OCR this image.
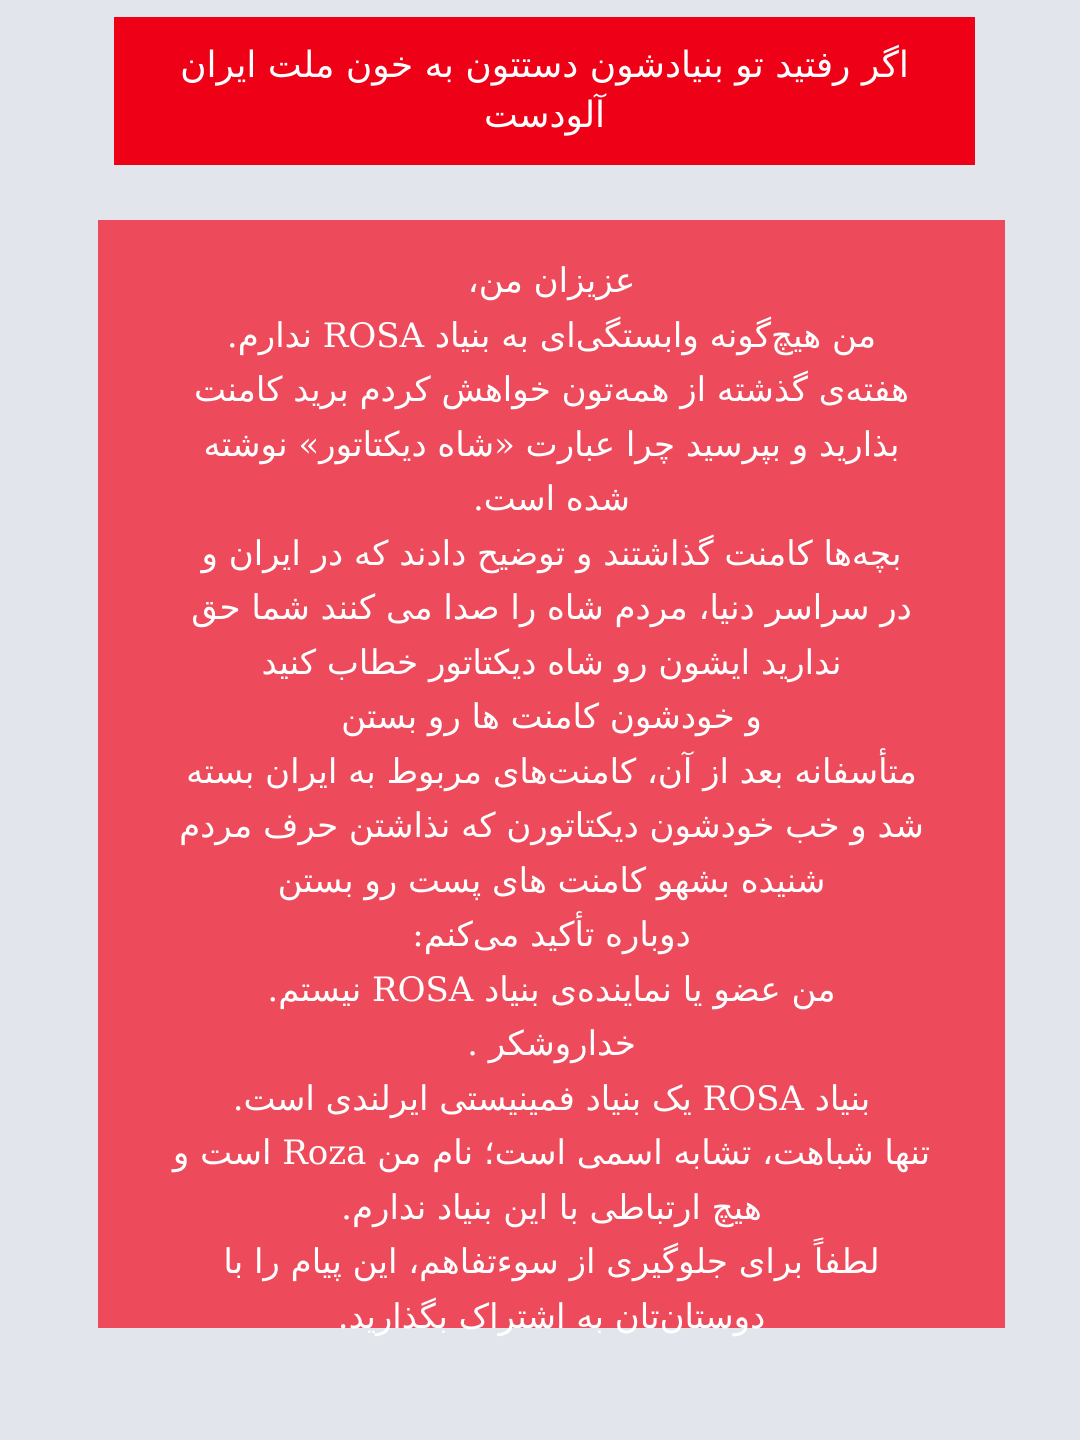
اگر رفتید تو بنیادشون دستتون به خون ملت ایران
آلودست
عزیزان من،
من هیچ‌گونه وابستگی‌ای به بنیاد ROSA ندارم.
هفته‌ی گذشته از همه‌تون خواهش کردم برید کامنت
بذارید و بپرسید چرا عبارت «شاه دیکتاتور» نوشته
شده است.
بچه‌ها کامنت گذاشتند و توضیح دادند که در ایران و
در سراسر دنیا، مردم شاه را صدا می کنند شما حق
ندارید ایشون رو شاه دیکتاتور خطاب کنید
و خودشون کامنت ها رو بستن
متأسفانه بعد از آن، کامنت‌های مربوط به ایران بسته
شد و خب خودشون دیکتاتورن که نذاشتن حرف مردم
شنیده بشهو کامنت های پست رو بستن
دوباره تأکید می‌کنم:
من عضو یا نماینده‌ی بنیاد ROSA نیستم.
خداروشکر .
بنیاد ROSA یک بنیاد فمینیستی ایرلندی است.
تنها شباهت، تشابه اسمی است؛ نام من Roza است و
هیچ ارتباطی با این بنیاد ندارم.
لطفاً برای جلوگیری از سوءتفاهم، این پیام را با
دوستان‌تان به اشتراک بگذارید.
